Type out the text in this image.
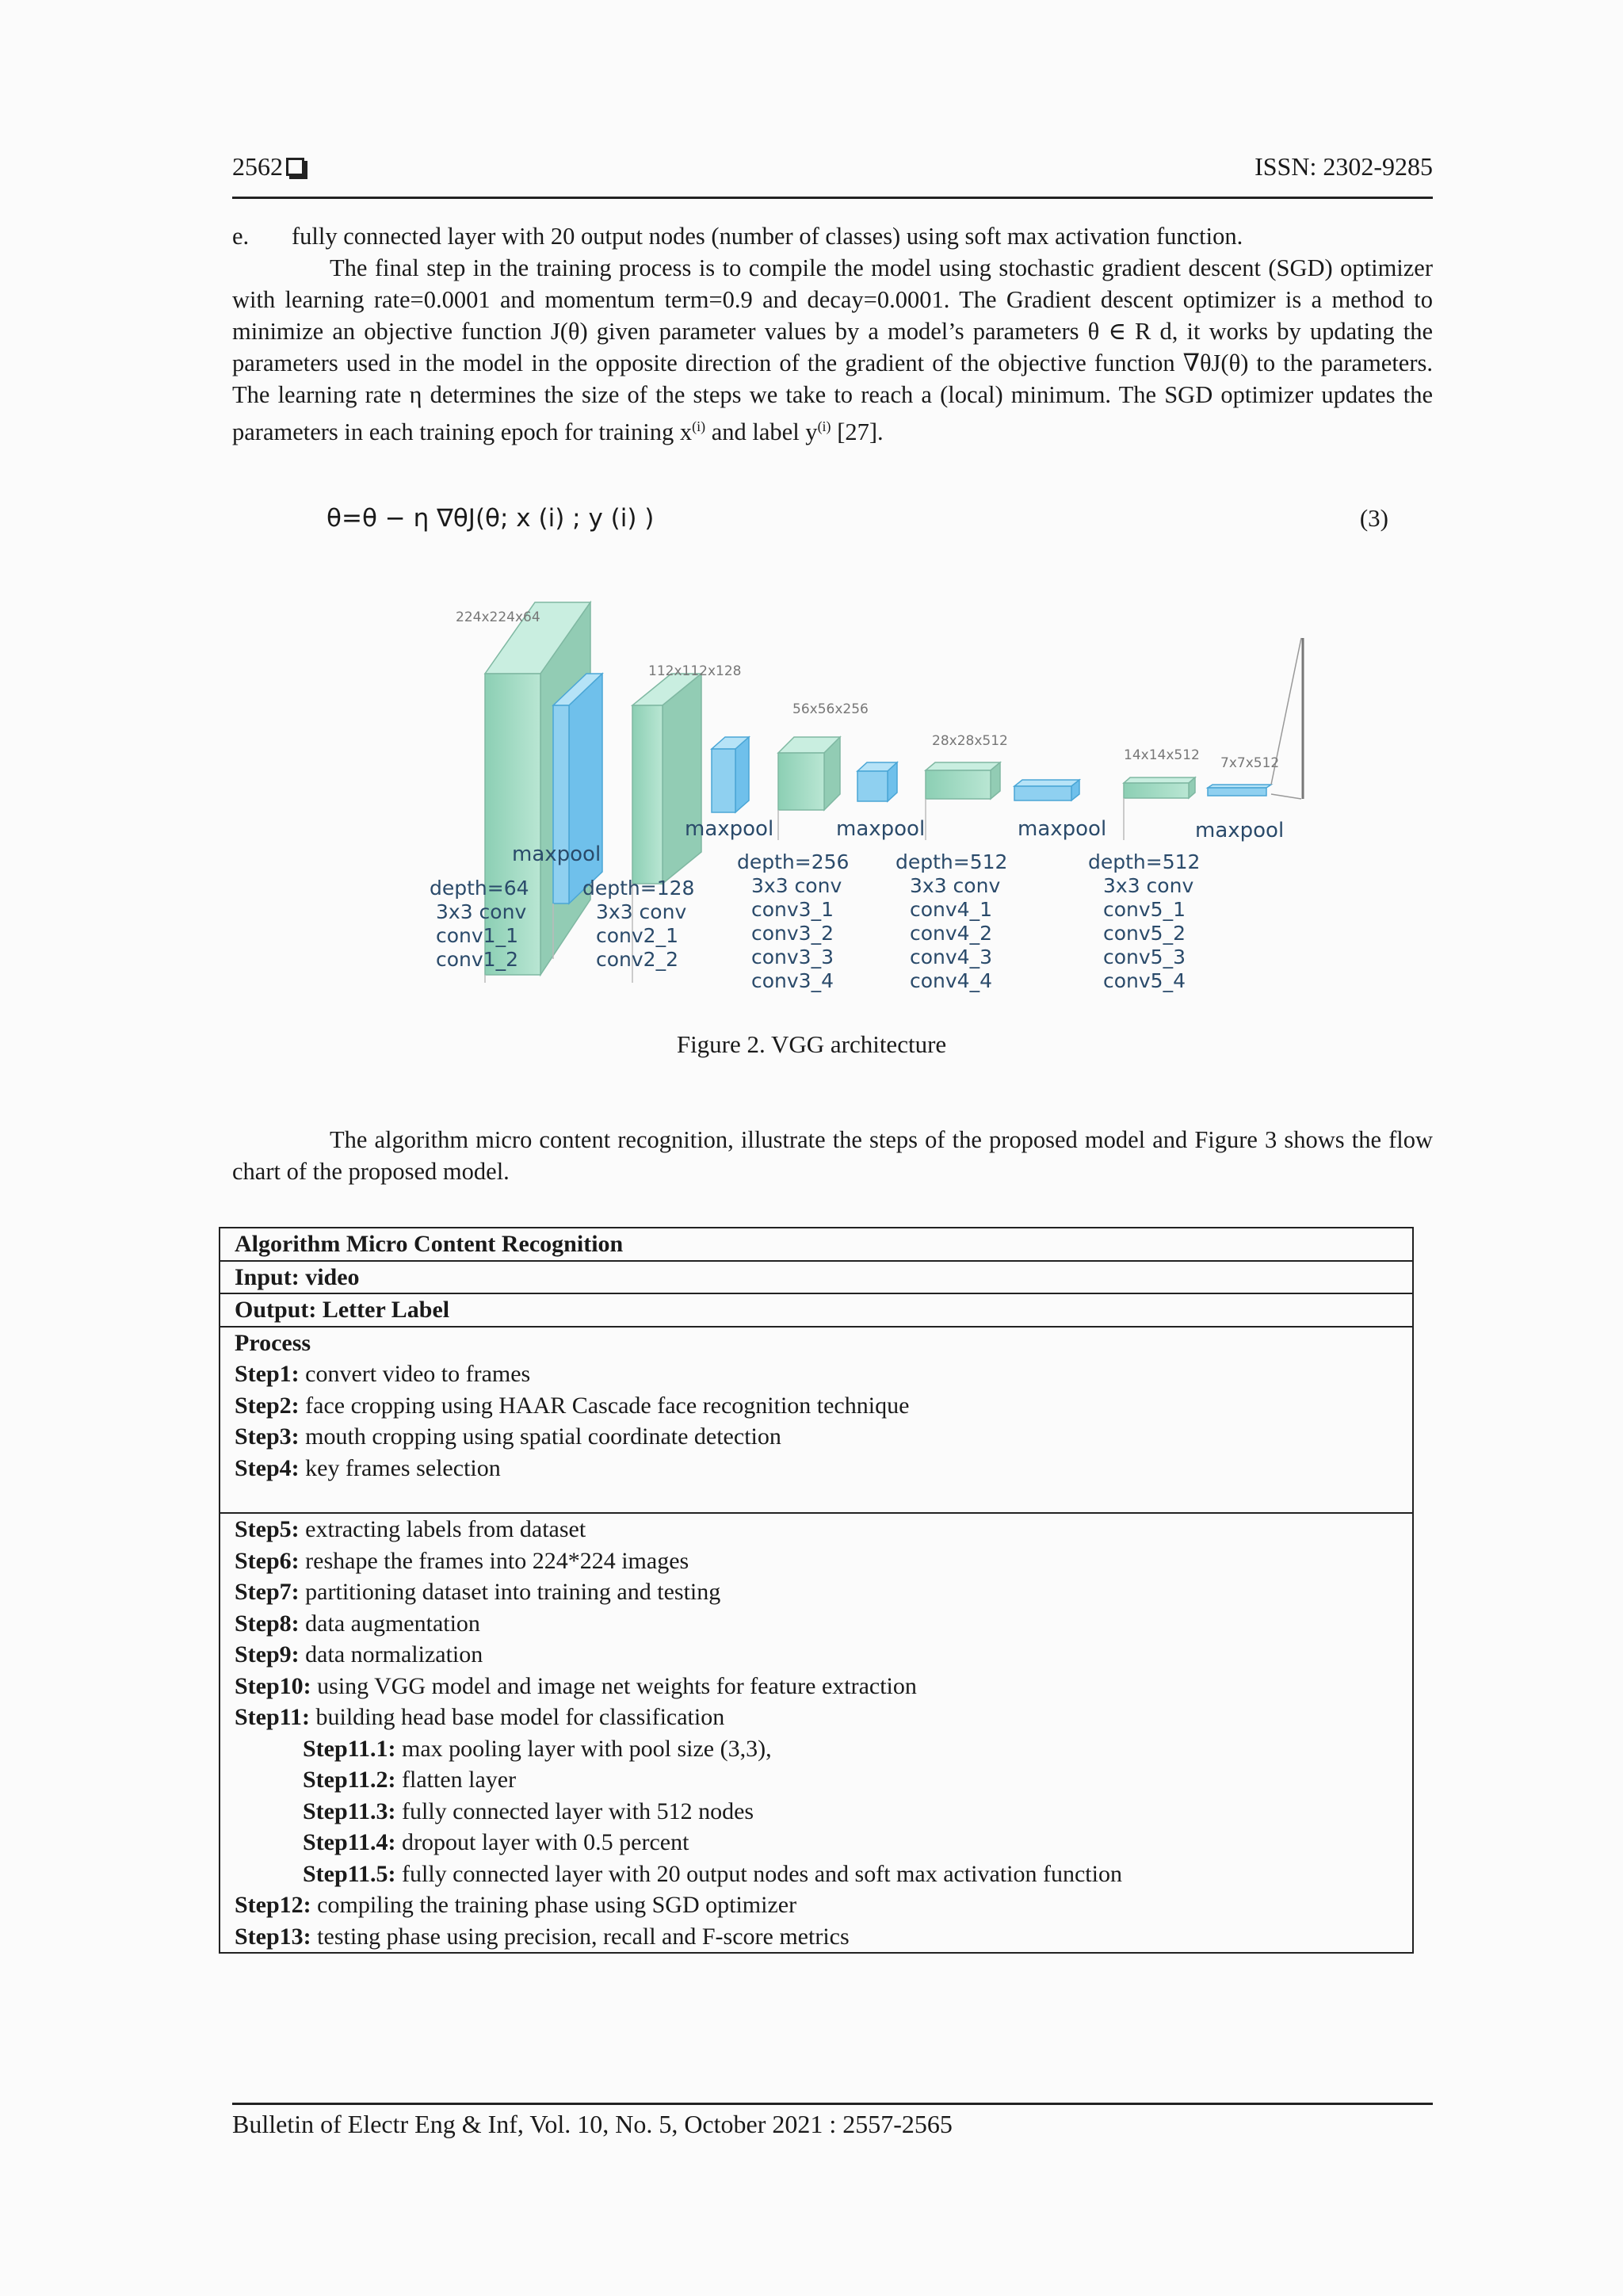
2562	ISSN: 2302-9285
e.	fully connected layer with 20 output nodes (number of classes) using soft max activation function.

The final step in the training process is to compile the model using stochastic gradient descent (SGD) optimizer with learning rate=0.0001 and momentum term=0.9 and decay=0.0001. The Gradient descent optimizer is a method to minimize an objective function J(θ) given parameter values by a model’s parameters θ ∈ R d, it works by updating the parameters used in the model in the opposite direction of the gradient of the objective function ∇θJ(θ) to the parameters. The learning rate η determines the size of the steps we take to reach a (local) minimum. The SGD optimizer updates the parameters in each training epoch for training $x^{(i)}$ and label $y^{(i)}$ [27].

θ=θ − η ∇θJ(θ; x (i) ; y (i) )	(3)
224x224x64
112x112x128
56x56x256
28x28x512
14x14x512 7x7x512
maxpool
maxpool	maxpool	maxpool	maxpool
depth=64
3x3 conv
conv1_1
conv1_2
depth=128
3x3 conv
conv2_1
conv2_2
depth=256
3x3 conv
conv3_1
conv3_2
conv3_3
conv3_4
depth=512
3x3 conv
conv4_1
conv4_2
conv4_3
conv4_4
depth=512
3x3 conv
conv5_1
conv5_2
conv5_3
conv5_4
Figure 2. VGG architecture

The algorithm micro content recognition, illustrate the steps of the proposed model and Figure 3 shows the flow chart of the proposed model.

Algorithm Micro Content Recognition
Input: video
Output: Letter Label
Process
Step1: convert video to frames
Step2: face cropping using HAAR Cascade face recognition technique
Step3: mouth cropping using spatial coordinate detection
Step4: key frames selection
Step5: extracting labels from dataset
Step6: reshape the frames into 224*224 images
Step7: partitioning dataset into training and testing
Step8: data augmentation
Step9: data normalization
Step10: using VGG model and image net weights for feature extraction
Step11: building head base model for classification
Step11.1: max pooling layer with pool size (3,3),
Step11.2: flatten layer
Step11.3: fully connected layer with 512 nodes
Step11.4: dropout layer with 0.5 percent
Step11.5: fully connected layer with 20 output nodes and soft max activation function
Step12: compiling the training phase using SGD optimizer
Step13: testing phase using precision, recall and F-score metrics
Bulletin of Electr Eng & Inf, Vol. 10, No. 5, October 2021 : 2557-2565
